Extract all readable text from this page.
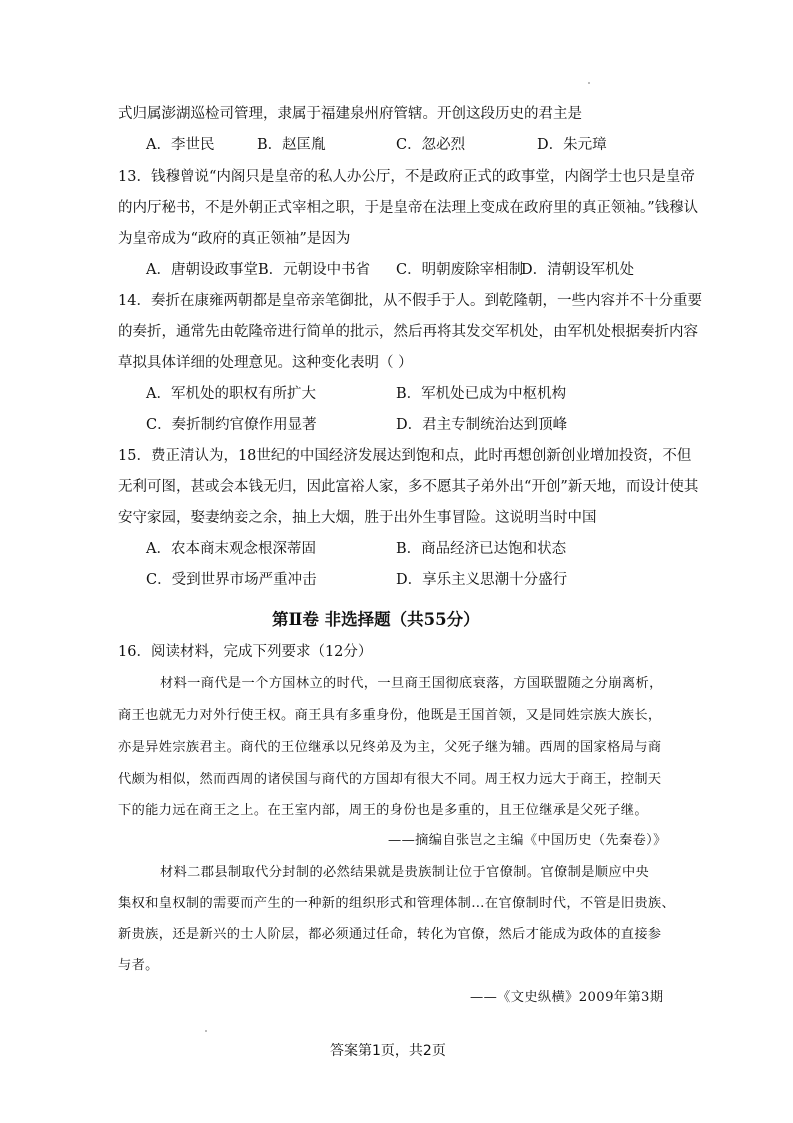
式归属澎湖巡检司管理，隶属于福建泉州府管辖。开创这段历史的君主是
A．李世民	B．赵匡胤	C．忽必烈	D．朱元璋
13．钱穆曾说“内阁只是皇帝的私人办公厅，不是政府正式的政事堂，内阁学士也只是皇帝
的内厅秘书，不是外朝正式宰相之职，于是皇帝在法理上变成在政府里的真正领袖。”钱穆认
为皇帝成为“政府的真正领袖”是因为
A．唐朝设政事堂B．元朝设中书省 C．明朝废除宰相制
D．清朝设军机处
14．奏折在康雍两朝都是皇帝亲笔御批，从不假手于人。到乾隆朝，一些内容并不十分重要
的奏折，通常先由乾隆帝进行简单的批示，然后再将其发交军机处，由军机处根据奏折内容
草拟具体详细的处理意见。这种变化表明（ ）
A．军机处的职权有所扩大	B．军机处已成为中枢机构
C．奏折制约官僚作用显著	D．君主专制统治达到顶峰
15．费正清认为，18世纪的中国经济发展达到饱和点，此时再想创新创业增加投资，不但
无利可图，甚或会本钱无归，因此富裕人家，多不愿其子弟外出“开创”新天地，而设计使其
安守家园，娶妻纳妾之余，抽上大烟，胜于出外生事冒险。这说明当时中国
A．农本商末观念根深蒂固	B．商品经济已达饱和状态
C．受到世界市场严重冲击	D．享乐主义思潮十分盛行
第Ⅱ卷 非选择题（共55分）
16．阅读材料，完成下列要求（12分）
材料一商代是一个方国林立的时代，一旦商王国彻底衰落，方国联盟随之分崩离析，
商王也就无力对外行使王权。商王具有多重身份，他既是王国首领，又是同姓宗族大族长，
亦是异姓宗族君主。商代的王位继承以兄终弟及为主，父死子继为辅。西周的国家格局与商
代颇为相似，然而西周的诸侯国与商代的方国却有很大不同。周王权力远大于商王，控制天
下的能力远在商王之上。在王室内部，周王的身份也是多重的，且王位继承是父死子继。
——摘编自张岂之主编《中国历史（先秦卷）》
材料二郡县制取代分封制的必然结果就是贵族制让位于官僚制。官僚制是顺应中央
集权和皇权制的需要而产生的一种新的组织形式和管理体制…在官僚制时代，不管是旧贵族、
新贵族，还是新兴的士人阶层，都必须通过任命，转化为官僚，然后才能成为政体的直接参
与者。
——《文史纵横》2009年第3期
答案第1页，共2页
